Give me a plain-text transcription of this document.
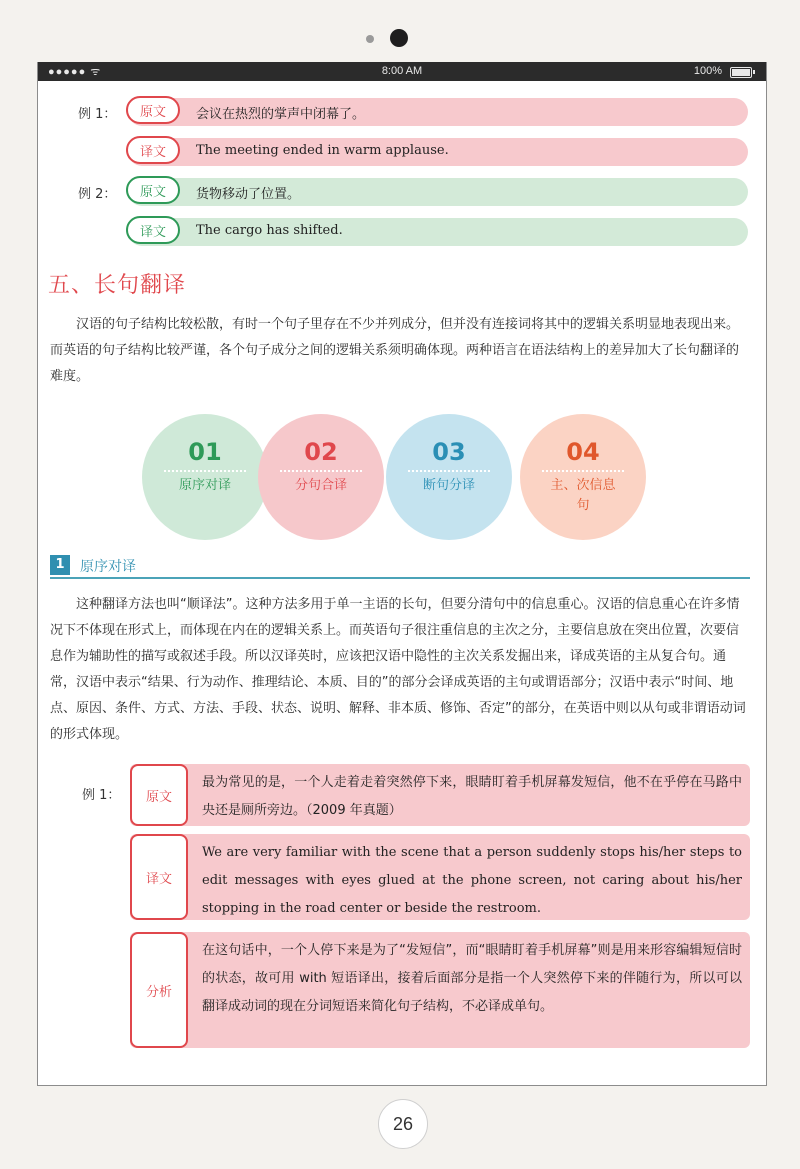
●●●●● ᯤ	8:00 AM	100%
例 1：	原文	会议在热烈的掌声中闭幕了。
译文	The meeting ended in warm applause.
例 2：	原文	货物移动了位置。
译文	The cargo has shifted.
五、长句翻译

汉语的句子结构比较松散，有时一个句子里存在不少并列成分，但并没有连接词将其中的逻辑关系明显地表现出来。而英语的句子结构比较严谨，各个句子成分之间的逻辑关系须明确体现。两种语言在语法结构上的差异加大了长句翻译的难度。

01
原序对译
02
分句合译
03
断句分译
04
主、次信息句
1	原序对译

这种翻译方法也叫“顺译法”。这种方法多用于单一主语的长句，但要分清句中的信息重心。汉语的信息重心在许多情况下不体现在形式上，而体现在内在的逻辑关系上。而英语句子很注重信息的主次之分，主要信息放在突出位置，次要信息作为辅助性的描写或叙述手段。所以汉译英时，应该把汉语中隐性的主次关系发掘出来，译成英语的主从复合句。通常，汉语中表示“结果、行为动作、推理结论、本质、目的”的部分会译成英语的主句或谓语部分；汉语中表示“时间、地点、原因、条件、方式、方法、手段、状态、说明、解释、非本质、修饰、否定”的部分，在英语中则以从句或非谓语动词的形式体现。

例 1：	原文
最为常见的是，一个人走着走着突然停下来，眼睛盯着手机屏幕发短信，他不在乎停在马路中央还是厕所旁边。（2009 年真题）
译文
We are very familiar with the scene that a person suddenly stops his/her steps to edit messages with eyes glued at the phone screen, not caring about his/her stopping in the road center or beside the restroom.
分析
在这句话中，一个人停下来是为了“发短信”，而“眼睛盯着手机屏幕”则是用来形容编辑短信时的状态，故可用 with 短语译出，接着后面部分是指一个人突然停下来的伴随行为，所以可以翻译成动词的现在分词短语来简化句子结构，不必译成单句。
26
